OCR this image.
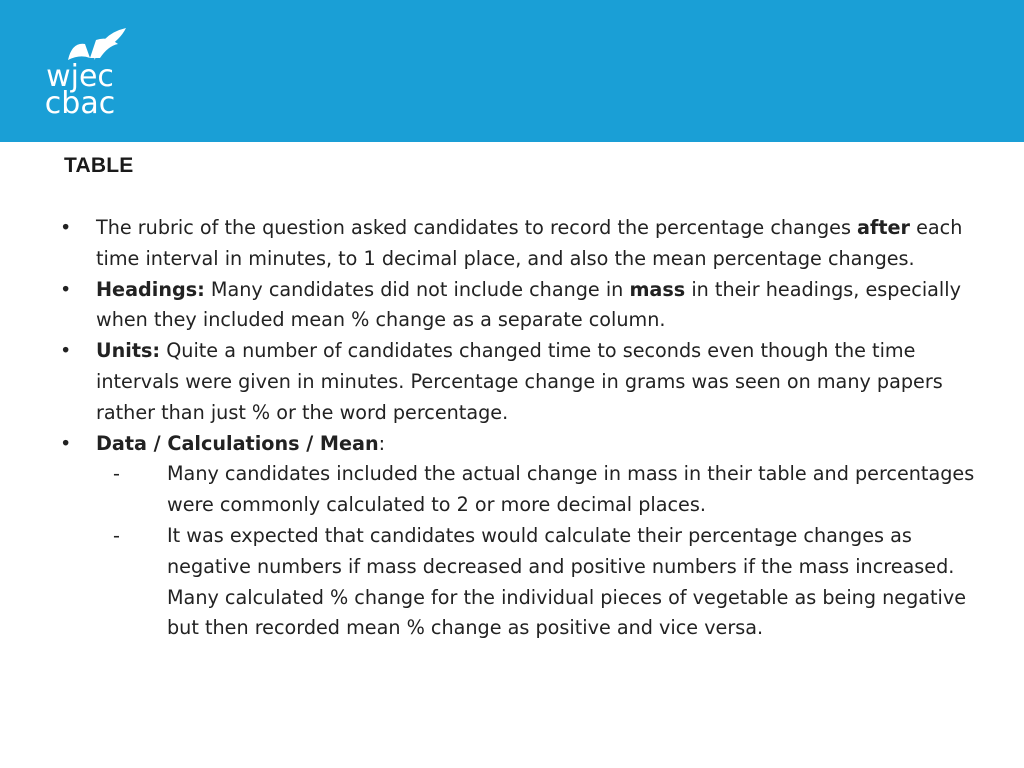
wjec
cbac
TABLE
• The rubric of the question asked candidates to record the percentage changes after each time interval in minutes, to 1 decimal place, and also the mean percentage changes.
• Headings: Many candidates did not include change in mass in their headings, especially when they included mean % change as a separate column.
• Units: Quite a number of candidates changed time to seconds even though the time intervals were given in minutes. Percentage change in grams was seen on many papers rather than just % or the word percentage.
• Data / Calculations / Mean:
- Many candidates included the actual change in mass in their table and percentages were commonly calculated to 2 or more decimal places.
- It was expected that candidates would calculate their percentage changes as negative numbers if mass decreased and positive numbers if the mass increased. Many calculated % change for the individual pieces of vegetable as being negative but then recorded mean % change as positive and vice versa.
